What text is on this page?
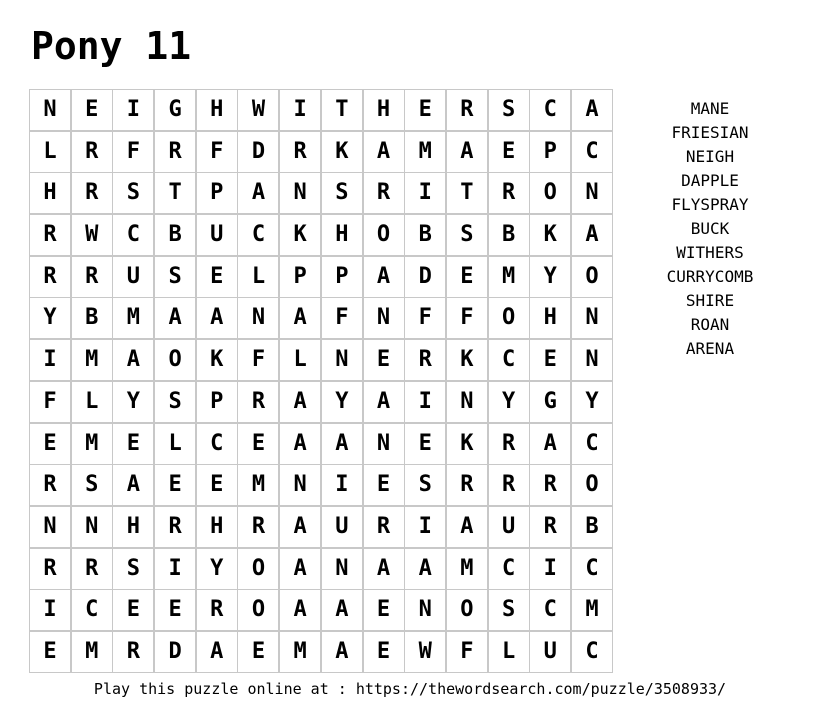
Pony 11
N	E	I	G	H	W	I	T	H	E	R	S	C	A
L	R	F	R	F	D	R	K	A	M	A	E	P	C
H	R	S	T	P	A	N	S	R	I	T	R	O	N
R	W	C	B	U	C	K	H	O	B	S	B	K	A
R	R	U	S	E	L	P	P	A	D	E	M	Y	O
Y	B	M	A	A	N	A	F	N	F	F	O	H	N
I	M	A	O	K	F	L	N	E	R	K	C	E	N
F	L	Y	S	P	R	A	Y	A	I	N	Y	G	Y
E	M	E	L	C	E	A	A	N	E	K	R	A	C
R	S	A	E	E	M	N	I	E	S	R	R	R	O
N	N	H	R	H	R	A	U	R	I	A	U	R	B
R	R	S	I	Y	O	A	N	A	A	M	C	I	C
I	C	E	E	R	O	A	A	E	N	O	S	C	M
E	M	R	D	A	E	M	A	E	W	F	L	U	C
MANE
FRIESIAN
NEIGH
DAPPLE
FLYSPRAY
BUCK
WITHERS
CURRYCOMB
SHIRE
ROAN
ARENA
Play this puzzle online at : https://thewordsearch.com/puzzle/3508933/
